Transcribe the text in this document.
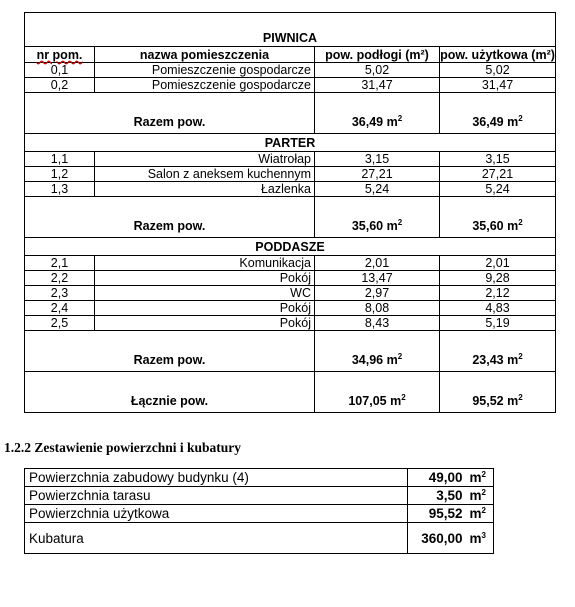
PIWNICA			
nr pom.	nazwa pomieszczenia	pow. podłogi (m²)	pow. użytkowa (m²)
0,1	Pomieszczenie gospodarcze	5,02	5,02
0,2	Pomieszczenie gospodarcze	31,47	31,47
Razem pow.		36,49 $m^2$	36,49 $m^2$
PARTER			
1,1	Wiatrołap	3,15	3,15
1,2	Salon z aneksem kuchennym	27,21	27,21
1,3	Łazlenka	5,24	5,24
Razem pow.		35,60 $m^2$	35,60 $m^2$
PODDASZE			
2,1	Komunikacja	2,01	2,01
2,2	Pokój	13,47	9,28
2,3	WC	2,97	2,12
2,4	Pokój	8,08	4,83
2,5	Pokój	8,43	5,19
Razem pow.		34,96 $m^2$	23,43 $m^2$
Łącznie pow.		107,05 $m^2$	95,52 $m^2$
1.2.2 Zestawienie powierzchni i kubatury
Powierzchnia zabudowy budynku (4)	49,00	$m^2$
Powierzchnia tarasu	3,50	$m^2$
Powierzchnia użytkowa	95,52	$m^2$
Kubatura	360,00	$m^3$
